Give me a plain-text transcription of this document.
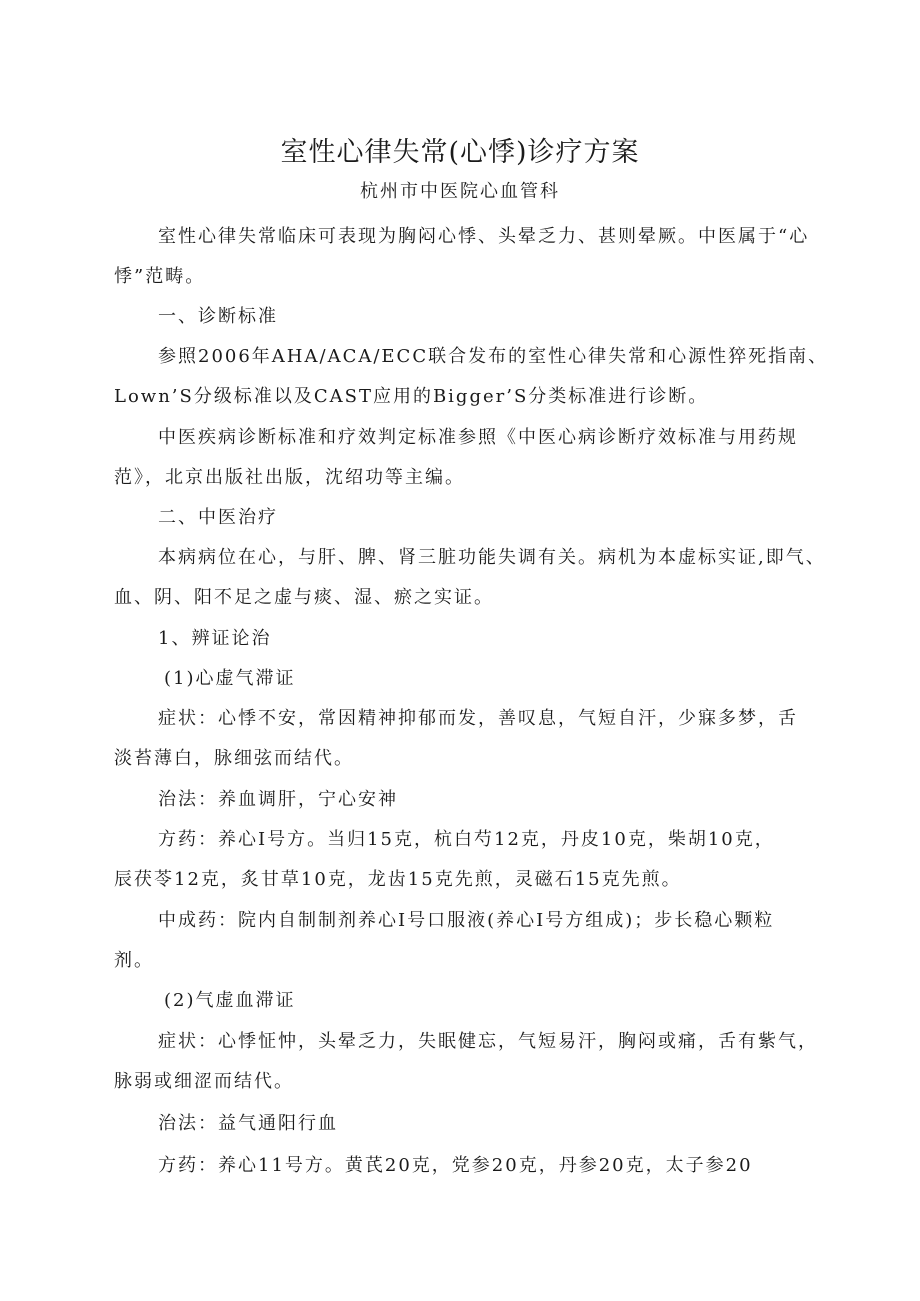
室性心律失常(心悸)诊疗方案
杭州市中医院心血管科
室性心律失常临床可表现为胸闷心悸、头晕乏力、甚则晕厥。中医属于“心
悸”范畴。
一、诊断标准
参照2006年AHA/ACA/ECC联合发布的室性心律失常和心源性猝死指南、
Lown’S分级标准以及CAST应用的Bigger’S分类标准进行诊断。
中医疾病诊断标准和疗效判定标准参照《中医心病诊断疗效标准与用药规
范》，北京出版社出版，沈绍功等主编。
二、中医治疗
本病病位在心，与肝、脾、肾三脏功能失调有关。病机为本虚标实证,即气、
血、阴、阳不足之虚与痰、湿、瘀之实证。
1、辨证论治
(1)心虚气滞证
症状：心悸不安，常因精神抑郁而发，善叹息，气短自汗，少寐多梦，舌
淡苔薄白，脉细弦而结代。
治法：养血调肝，宁心安神
方药：养心Ⅰ号方。当归15克，杭白芍12克，丹皮10克，柴胡10克，
辰茯苓12克，炙甘草10克，龙齿15克先煎，灵磁石15克先煎。
中成药：院内自制制剂养心Ⅰ号口服液(养心Ⅰ号方组成)；步长稳心颗粒
剂。
(2)气虚血滞证
症状：心悸怔忡，头晕乏力，失眠健忘，气短易汗，胸闷或痛，舌有紫气，
脉弱或细涩而结代。
治法：益气通阳行血
方药：养心11号方。黄芪20克，党参20克，丹参20克，太子参20
